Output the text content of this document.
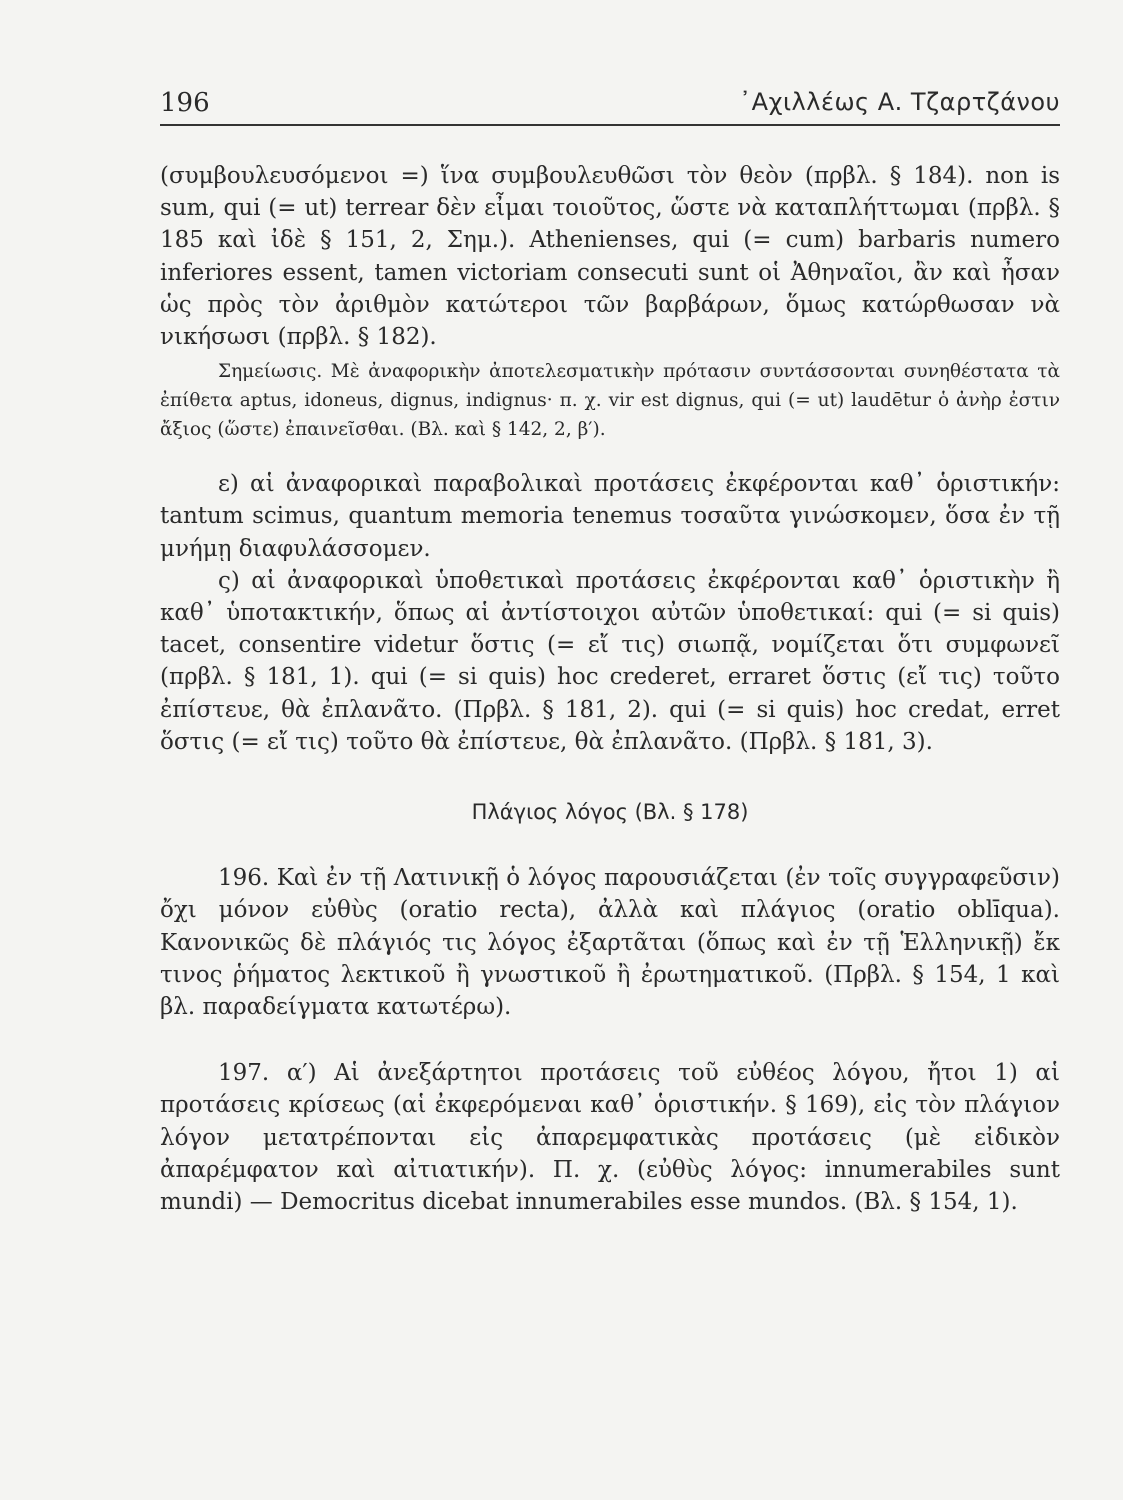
196	᾿Αχιλλέως Α. Τζαρτζάνου

(συμβουλευσόμενοι =) ἵνα συμβουλευθῶσι τὸν θεὸν (πρβλ. § 184). non is sum, qui (= ut) terrear δὲν εἶμαι τοιοῦτος, ὥστε νὰ καταπλήττωμαι (πρβλ. § 185 καὶ ἰδὲ § 151, 2, Σημ.). Athenienses, qui (= cum) barbaris numero inferiores essent, tamen victoriam consecuti sunt οἱ Ἀθηναῖοι, ἂν καὶ ἦσαν ὡς πρὸς τὸν ἀριθμὸν κατώτεροι τῶν βαρβάρων, ὅμως κατώρθωσαν νὰ νικήσωσι (πρβλ. § 182).

Σημείωσις. Μὲ ἀναφορικὴν ἀποτελεσματικὴν πρότασιν συντάσσονται συνηθέστατα τὰ ἐπίθετα aptus, idoneus, dignus, indignus· π. χ. vir est dignus, qui (= ut) laudētur ὁ ἀνὴρ ἐστιν ἄξιος (ὥστε) ἐπαινεῖσθαι. (Βλ. καὶ § 142, 2, β′).

ε) αἱ ἀναφορικαὶ παραβολικαὶ προτάσεις ἐκφέρονται καθ᾽ ὁριστικήν: tantum scimus, quantum memoria tenemus τοσαῦτα γινώσκομεν, ὅσα ἐν τῇ μνήμῃ διαφυλάσσομεν.

ς) αἱ ἀναφορικαὶ ὑποθετικαὶ προτάσεις ἐκφέρονται καθ᾽ ὁριστικὴν ἢ καθ᾽ ὑποτακτικήν, ὅπως αἱ ἀντίστοιχοι αὐτῶν ὑποθετικαί: qui (= si quis) tacet, consentire videtur ὅστις (= εἴ τις) σιωπᾷ, νομίζεται ὅτι συμφωνεῖ (πρβλ. § 181, 1). qui (= si quis) hoc crederet, erraret ὅστις (εἴ τις) τοῦτο ἐπίστευε, θὰ ἐπλανᾶτο. (Πρβλ. § 181, 2). qui (= si quis) hoc credat, erret ὅστις (= εἴ τις) τοῦτο θὰ ἐπίστευε, θὰ ἐπλανᾶτο. (Πρβλ. § 181, 3).

Πλάγιος λόγος (Βλ. § 178)

196. Καὶ ἐν τῇ Λατινικῇ ὁ λόγος παρουσιάζεται (ἐν τοῖς συγγραφεῦσιν) ὄχι μόνον εὐθὺς (oratio recta), ἀλλὰ καὶ πλάγιος (oratio oblīqua). Κανονικῶς δὲ πλάγιός τις λόγος ἐξαρτᾶται (ὅπως καὶ ἐν τῇ Ἑλληνικῇ) ἔκ τινος ῥήματος λεκτικοῦ ἢ γνωστικοῦ ἢ ἐρωτηματικοῦ. (Πρβλ. § 154, 1 καὶ βλ. παραδείγματα κατωτέρω).

197. α′) Αἱ ἀνεξάρτητοι προτάσεις τοῦ εὐθέος λόγου, ἤτοι 1) αἱ προτάσεις κρίσεως (αἱ ἐκφερόμεναι καθ᾽ ὁριστικήν. § 169), εἰς τὸν πλάγιον λόγον μετατρέπονται εἰς ἀπαρεμφατικὰς προτάσεις (μὲ εἰδικὸν ἀπαρέμφατον καὶ αἰτιατικήν). Π. χ. (εὐθὺς λόγος: innumerabiles sunt mundi) — Democritus dicebat innumerabiles esse mundos. (Βλ. § 154, 1).
